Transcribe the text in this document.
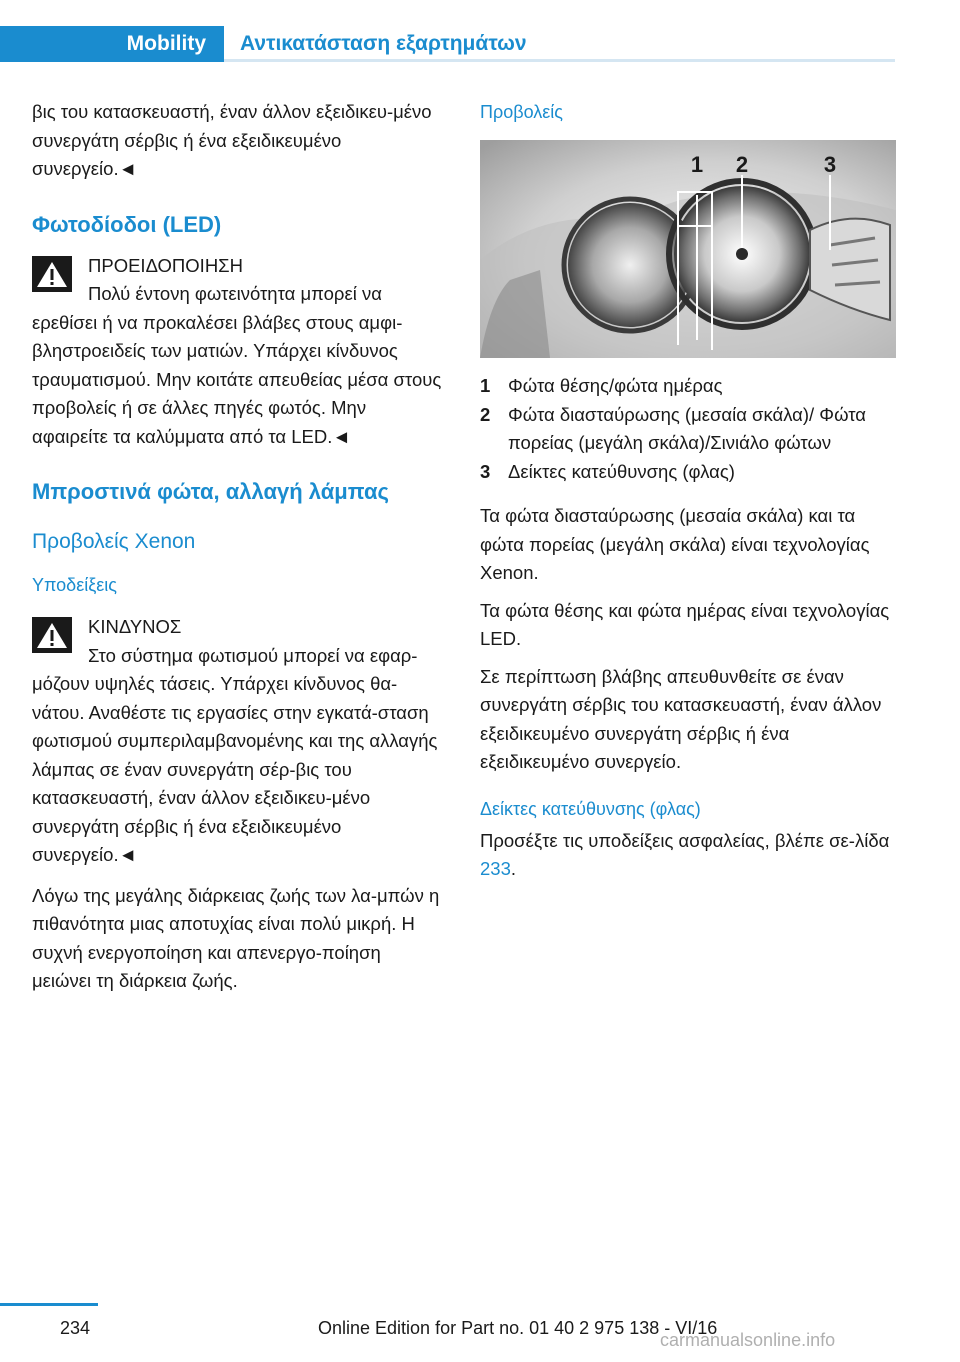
Mobility	Αντικατάσταση εξαρτημάτων

βις του κατασκευαστή, έναν άλλον εξειδικευ-μένο συνεργάτη σέρβις ή ένα εξειδικευμένο συνεργείο.◄

Φωτοδίοδοι (LED)
ΠΡΟΕΙΔΟΠΟΙΗΣΗ
Πολύ έντονη φωτεινότητα μπορεί να
ερεθίσει ή να προκαλέσει βλάβες στους αμφι-βληστροειδείς των ματιών. Υπάρχει κίνδυνος τραυματισμού. Μην κοιτάτε απευθείας μέσα στους προβολείς ή σε άλλες πηγές φωτός. Μην αφαιρείτε τα καλύμματα από τα LED.◄
Μπροστινά φώτα, αλλαγή λάμπας
Προβολείς Xenon
Υποδείξεις
ΚΙΝΔΥΝΟΣ
Στο σύστημα φωτισμού μπορεί να εφαρ-
μόζουν υψηλές τάσεις. Υπάρχει κίνδυνος θα-νάτου. Αναθέστε τις εργασίες στην εγκατά-σταση φωτισμού συμπεριλαμβανομένης και της αλλαγής λάμπας σε έναν συνεργάτη σέρ-βις του κατασκευαστή, έναν άλλον εξειδικευ-μένο συνεργάτη σέρβις ή ένα εξειδικευμένο συνεργείο.◄

Λόγω της μεγάλης διάρκειας ζωής των λα-μπών η πιθανότητα μιας αποτυχίας είναι πολύ μικρή. Η συχνή ενεργοποίηση και απενεργο-ποίηση μειώνει τη διάρκεια ζωής.

Προβολείς
1 2	3
1 Φώτα θέσης/φώτα ημέρας
2 Φώτα διασταύρωσης (μεσαία σκάλα)/ Φώτα πορείας (μεγάλη σκάλα)/Σινιάλο φώτων
3 Δείκτες κατεύθυνσης (φλας)

Τα φώτα διασταύρωσης (μεσαία σκάλα) και τα φώτα πορείας (μεγάλη σκάλα) είναι τεχνολογίας Xenon.

Τα φώτα θέσης και φώτα ημέρας είναι τεχνολογίας LED.

Σε περίπτωση βλάβης απευθυνθείτε σε έναν συνεργάτη σέρβις του κατασκευαστή, έναν άλλον εξειδικευμένο συνεργάτη σέρβις ή ένα εξειδικευμένο συνεργείο.

Δείκτες κατεύθυνσης (φλας)

Προσέξτε τις υποδείξεις ασφαλείας, βλέπε σε-λίδα 233.

234	Online Edition for Part no. 01 40 2 975 138 - VI/16
carmanualsonline.info
